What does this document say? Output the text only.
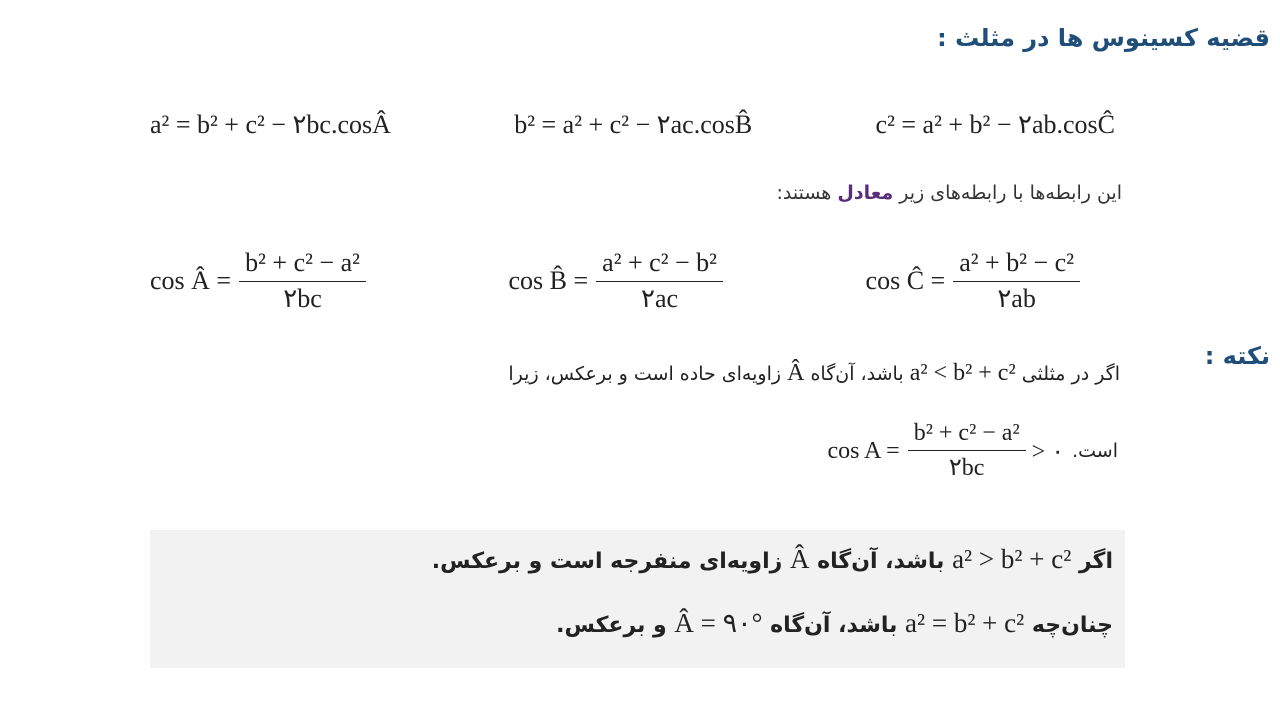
قضیه کسینوس ها در مثلث :
a² = b² + c² − ۲bc.cosÂ	b² = a² + c² − ۲ac.cosB̂	c² = a² + b² − ۲ab.cosĈ
این رابطه‌ها با رابطه‌های زیر معادل هستند:
cos Â = $\frac{\text{b² + c² − a²}}{۲bc}$	cos B̂ = $\frac{\text{a² + c² − b²}}{۲ac}$	cos Ĉ = $\frac{\text{a² + b² − c²}}{۲ab}$
نکته :
اگر در مثلثی a² < b² + c² باشد، آن‌گاه Â زاویه‌ای حاده است و برعکس، زیرا
است.
$\cos A = \frac{\text{b² + c² − a²}}{۲bc}$ > ۰
اگر a² > b² + c² باشد، آن‌گاه Â زاویه‌ای منفرجه است و برعکس.
چنان‌چه a² = b² + c² باشد، آن‌گاه Â = ۹۰° و برعکس.
